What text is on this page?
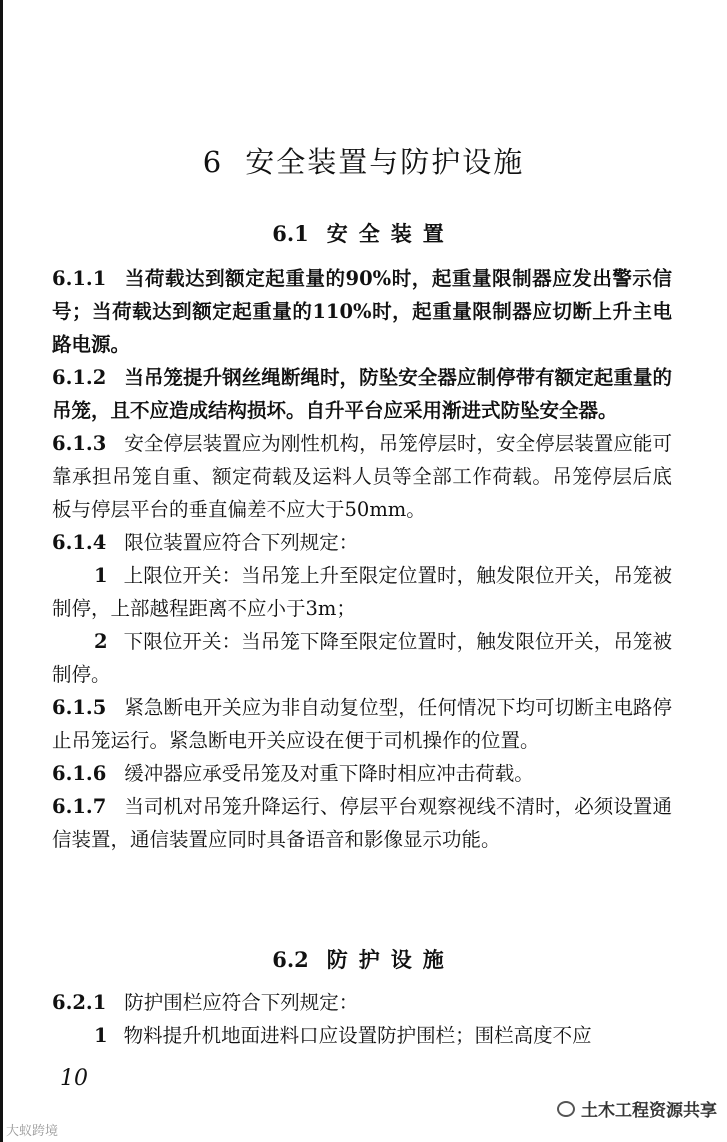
6 安全装置与防护设施
6.1 安全装置

6.1.1 当荷载达到额定起重量的90%时，起重量限制器应发出警示信号；当荷载达到额定起重量的110%时，起重量限制器应切断上升主电路电源。

6.1.2 当吊笼提升钢丝绳断绳时，防坠安全器应制停带有额定起重量的吊笼，且不应造成结构损坏。自升平台应采用渐进式防坠安全器。

6.1.3 安全停层装置应为刚性机构，吊笼停层时，安全停层装置应能可靠承担吊笼自重、额定荷载及运料人员等全部工作荷载。吊笼停层后底板与停层平台的垂直偏差不应大于50mm。

6.1.4 限位装置应符合下列规定：

1 上限位开关：当吊笼上升至限定位置时，触发限位开关，吊笼被制停，上部越程距离不应小于3m；

2 下限位开关：当吊笼下降至限定位置时，触发限位开关，吊笼被制停。

6.1.5 紧急断电开关应为非自动复位型，任何情况下均可切断主电路停止吊笼运行。紧急断电开关应设在便于司机操作的位置。

6.1.6 缓冲器应承受吊笼及对重下降时相应冲击荷载。

6.1.7 当司机对吊笼升降运行、停层平台观察视线不清时，必须设置通信装置，通信装置应同时具备语音和影像显示功能。

6.2 防护设施

6.2.1 防护围栏应符合下列规定：

1 物料提升机地面进料口应设置防护围栏；围栏高度不应

10
土木工程资源共享
大蚁跨境
